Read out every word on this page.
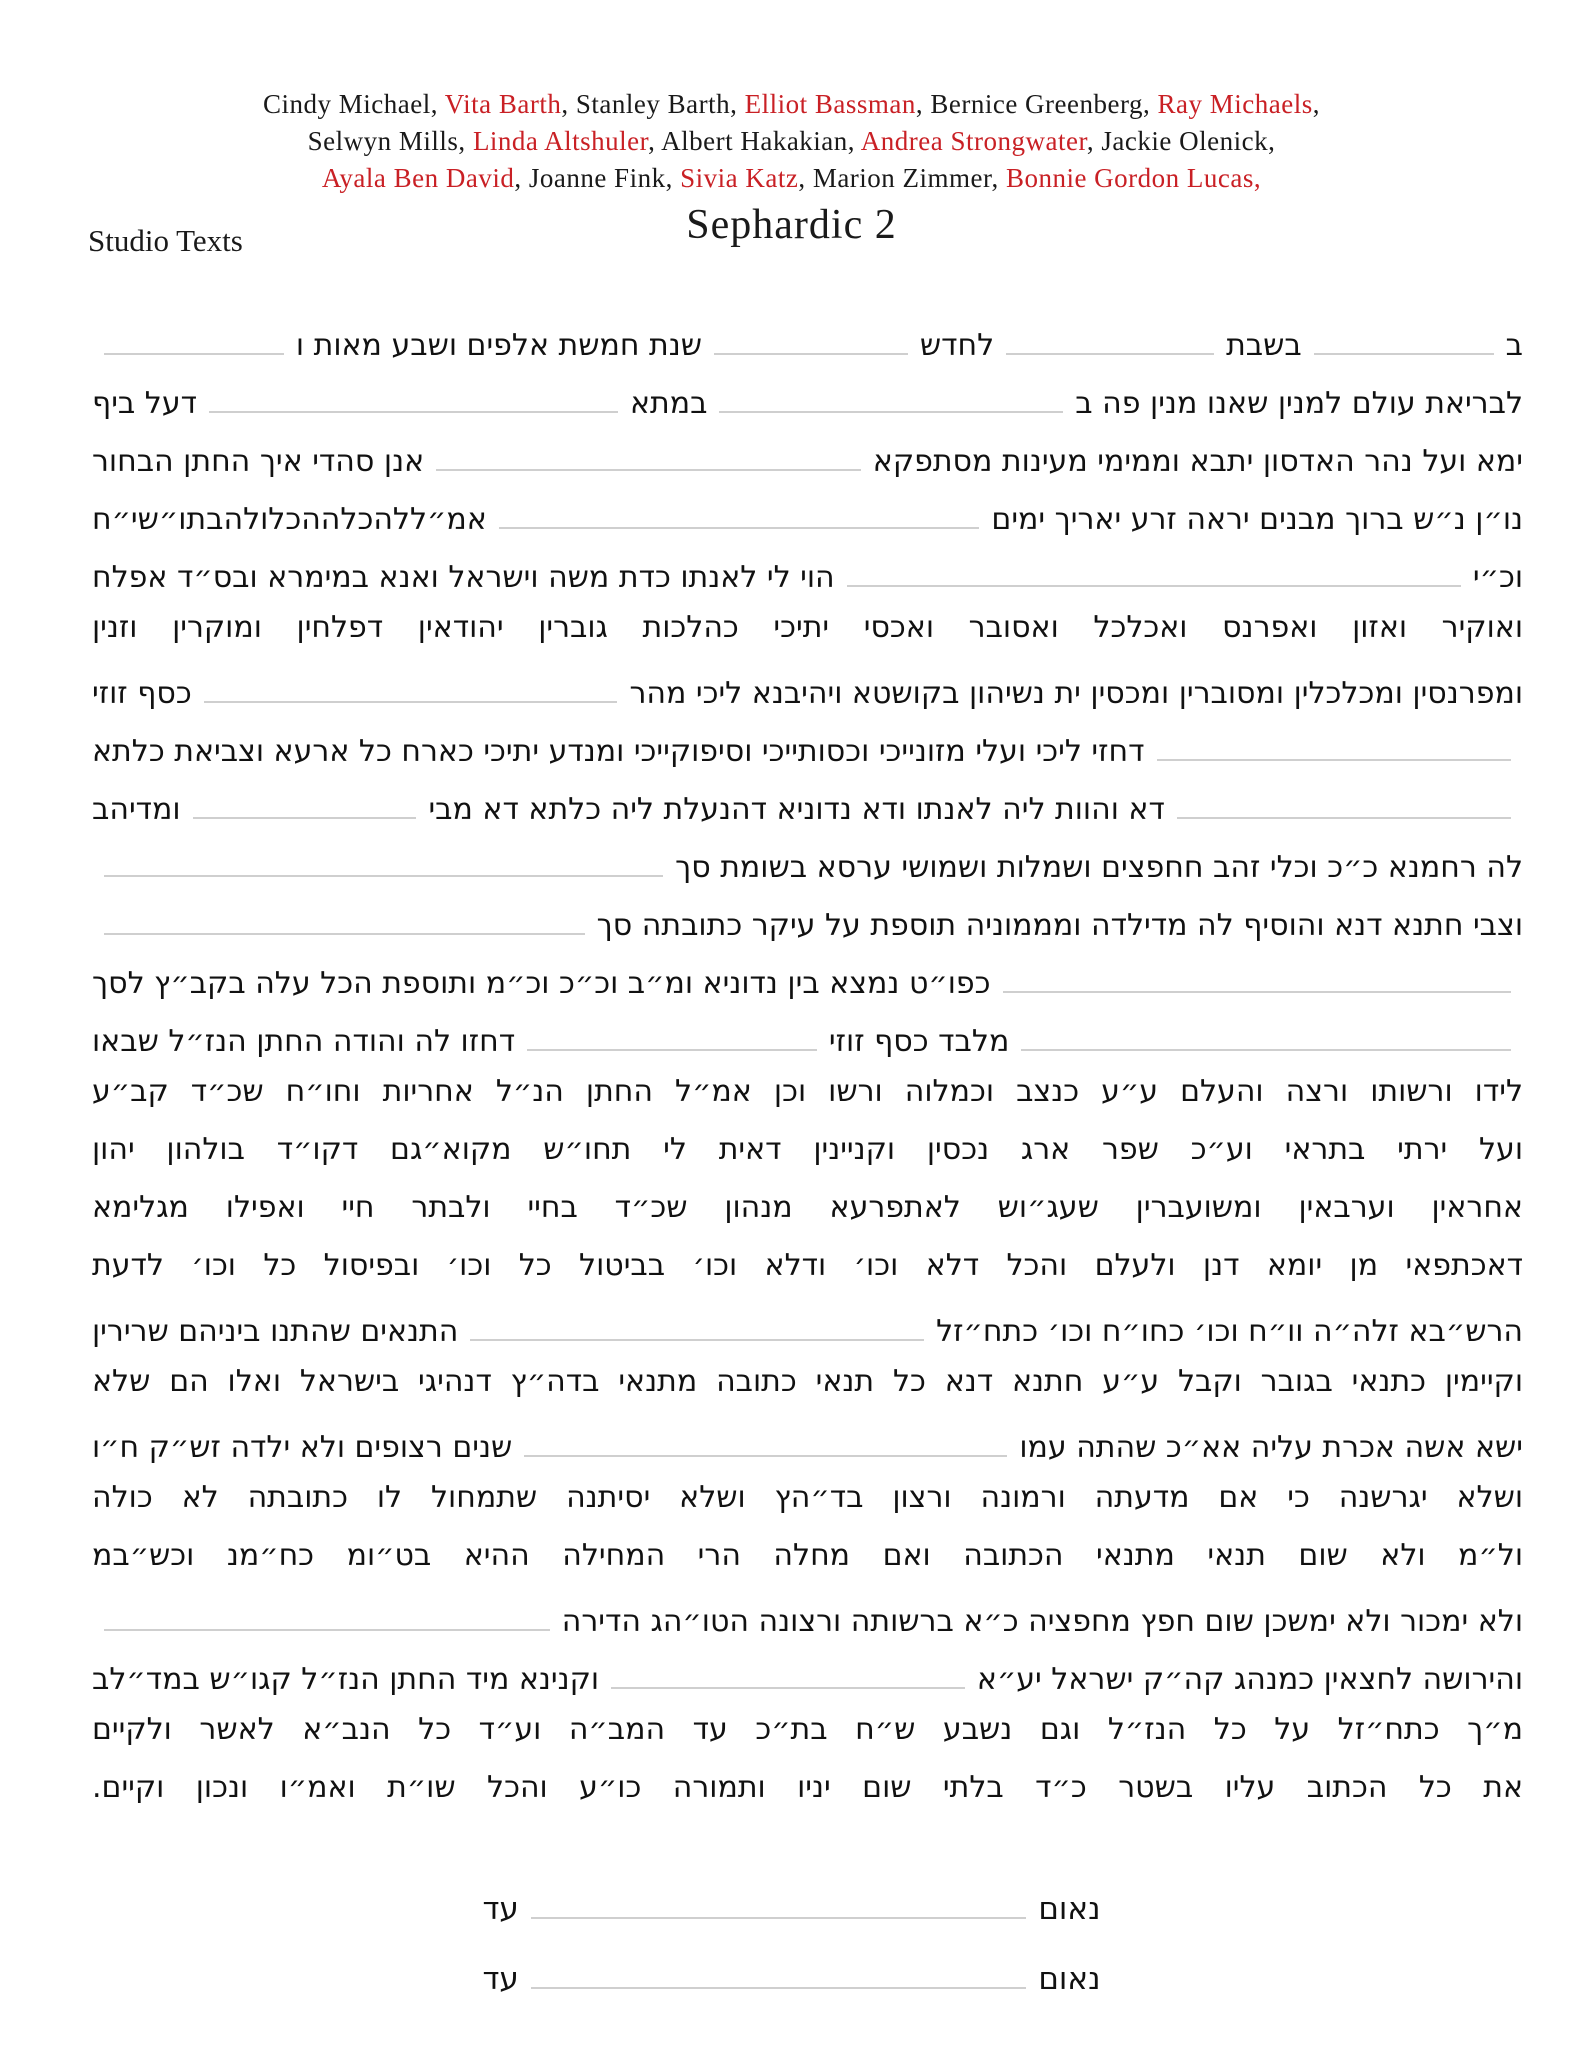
Cindy Michael, Vita Barth, Stanley Barth, Elliot Bassman, Bernice Greenberg, Ray Michaels,
Selwyn Mills, Linda Altshuler, Albert Hakakian, Andrea Strongwater, Jackie Olenick,
Ayala Ben David, Joanne Fink, Sivia Katz, Marion Zimmer, Bonnie Gordon Lucas,
Studio Texts	Sephardic 2
ב
בשבת
לחדש
שנת חמשת אלפים ושבע מאות ו
לבריאת עולם למנין שאנו מנין פה ב
במתא
דעל ביף
ימא ועל נהר האדסון יתבא וממימי מעינות מסתפקא
אנן סהדי איך החתן הבחור
נו״ן נ״ש ברוך מבנים יראה זרע יאריך ימים
אמ״ללהכלההכלולהבתו״שי״ח
וכ״י
הוי לי לאנתו כדת משה וישראל ואנא במימרא ובס״ד אפלח
ואוקיר ואזון ואפרנס ואכלכל ואסובר ואכסי יתיכי כהלכות גוברין יהודאין דפלחין ומוקרין וזנין
ומפרנסין ומכלכלין ומסוברין ומכסין ית נשיהון בקושטא ויהיבנא ליכי מהר
כסף זוזי
דחזי ליכי ועלי מזונייכי וכסותייכי וסיפוקייכי ומנדע יתיכי כארח כל ארעא וצביאת כלתא
דא והוות ליה לאנתו ודא נדוניא דהנעלת ליה כלתא דא מבי
ומדיהב
לה רחמנא כ״כ וכלי זהב חחפצים ושמלות ושמושי ערסא בשומת סך
וצבי חתנא דנא והוסיף לה מדילדה ומממוניה תוספת על עיקר כתובתה סך
כפו״ט נמצא בין נדוניא ומ״ב וכ״כ וכ״מ ותוספת הכל עלה בקב״ץ לסך
מלבד כסף זוזי
דחזו לה והודה החתן הנז״ל שבאו
לידו ורשותו ורצה והעלם ע״ע כנצב וכמלוה ורשו וכן אמ״ל החתן הנ״ל אחריות וחו״ח שכ״ד קב״ע
ועל ירתי בתראי וע״כ שפר ארג נכסין וקניינין דאית לי תחו״ש מקוא״גם דקו״ד בולהון יהון
אחראין וערבאין ומשועברין שעג״וש לאתפרעא מנהון שכ״ד בחיי ולבתר חיי ואפילו מגלימא
דאכתפאי מן יומא דנן ולעלם והכל דלא וכו׳ ודלא וכו׳ בביטול כל וכו׳ ובפיסול כל וכו׳ לדעת
הרש״בא זלה״ה וו״ח וכו׳ כחו״ח וכו׳ כתח״זל
התנאים שהתנו ביניהם שרירין
וקיימין כתנאי בגובר וקבל ע״ע חתנא דנא כל תנאי כתובה מתנאי בדה״ץ דנהיגי בישראל ואלו הם שלא
ישא אשה אכרת עליה אא״כ שהתה עמו
שנים רצופים ולא ילדה זש״ק ח״ו
ושלא יגרשנה כי אם מדעתה ורמונה ורצון בד״הץ ושלא יסיתנה שתמחול לו כתובתה לא כולה
ול״מ ולא שום תנאי מתנאי הכתובה ואם מחלה הרי המחילה ההיא בט״ומ כח״מנ וכש״במ
ולא ימכור ולא ימשכן שום חפץ מחפציה כ״א ברשותה ורצונה הטו״הג הדירה
והירושה לחצאין כמנהג קה״ק ישראל יע״א
וקנינא מיד החתן הנז״ל קגו״ש במד״לב
מ״ך כתח״זל על כל הנז״ל וגם נשבע ש״ח בת״כ עד המב״ה וע״ד כל הנב״א לאשר ולקיים
את כל הכתוב עליו בשטר כ״ד בלתי שום יניו ותמורה כו״ע והכל שו״ת ואמ״ו ונכון וקיים.
נאום
עד
נאום
עד
